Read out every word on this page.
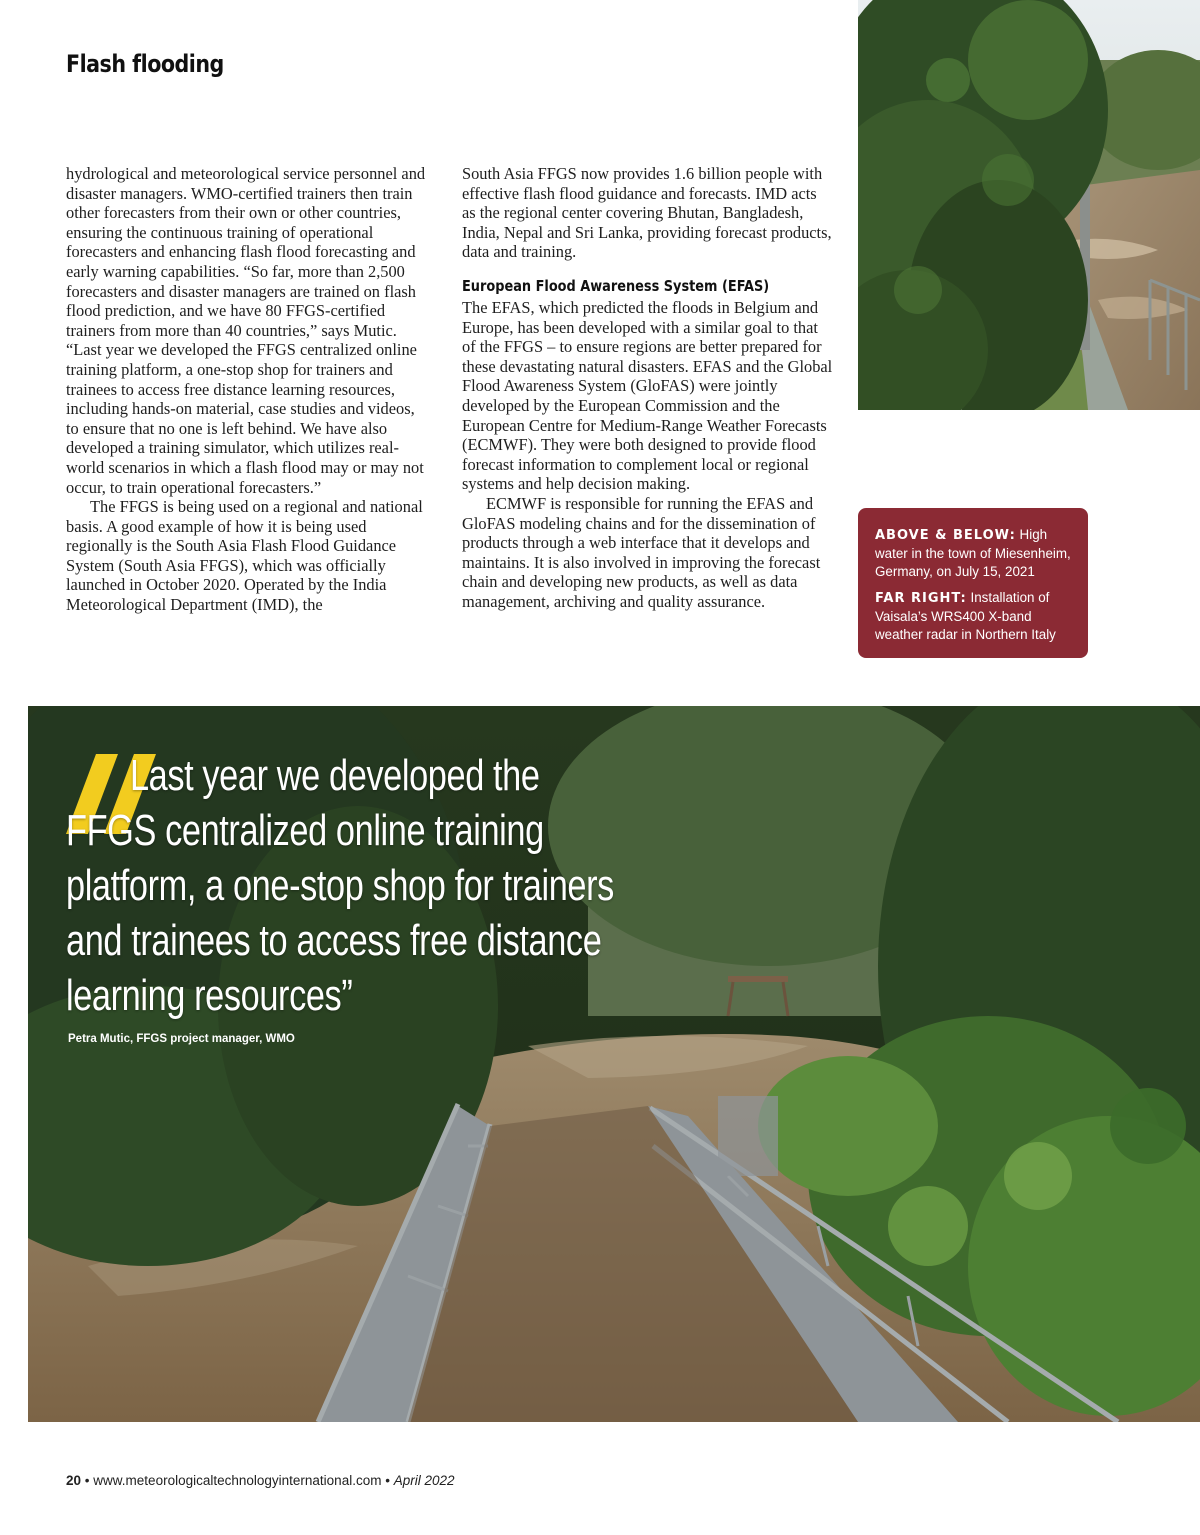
Flash flooding

hydrological and meteorological service personnel and disaster managers. WMO-certified trainers then train other forecasters from their own or other countries, ensuring the continuous training of operational forecasters and enhancing flash flood forecasting and early warning capabilities. “So far, more than 2,500 forecasters and disaster managers are trained on flash flood prediction, and we have 80 FFGS-certified trainers from more than 40 countries,” says Mutic. “Last year we developed the FFGS centralized online training platform, a one-stop shop for trainers and trainees to access free distance learning resources, including hands-on material, case studies and videos, to ensure that no one is left behind. We have also developed a training simulator, which utilizes real-world scenarios in which a flash flood may or may not occur, to train operational forecasters.”

The FFGS is being used on a regional and national basis. A good example of how it is being used regionally is the South Asia Flash Flood Guidance System (South Asia FFGS), which was officially launched in October 2020. Operated by the India Meteorological Department (IMD), the

South Asia FFGS now provides 1.6 billion people with effective flash flood guidance and forecasts. IMD acts as the regional center covering Bhutan, Bangladesh, India, Nepal and Sri Lanka, providing forecast products, data and training.

European Flood Awareness System (EFAS)

The EFAS, which predicted the floods in Belgium and Europe, has been developed with a similar goal to that of the FFGS – to ensure regions are better prepared for these devastating natural disasters. EFAS and the Global Flood Awareness System (GloFAS) were jointly developed by the European Commission and the European Centre for Medium-Range Weather Forecasts (ECMWF). They were both designed to provide flood forecast information to complement local or regional systems and help decision making.

ECMWF is responsible for running the EFAS and GloFAS modeling chains and for the dissemination of products through a web interface that it develops and maintains. It is also involved in improving the forecast chain and developing new products, as well as data management, archiving and quality assurance.

ABOVE & BELOW: High water in the town of Miesenheim, Germany, on July 15, 2021

FAR RIGHT: Installation of Vaisala’s WRS400 X-band weather radar in Northern Italy

Last year we developed the FFGS centralized online training platform, a one-stop shop for trainers and trainees to access free distance learning resources”

Petra Mutic, FFGS project manager, WMO

20 • www.meteorologicaltechnologyinternational.com • April 2022
